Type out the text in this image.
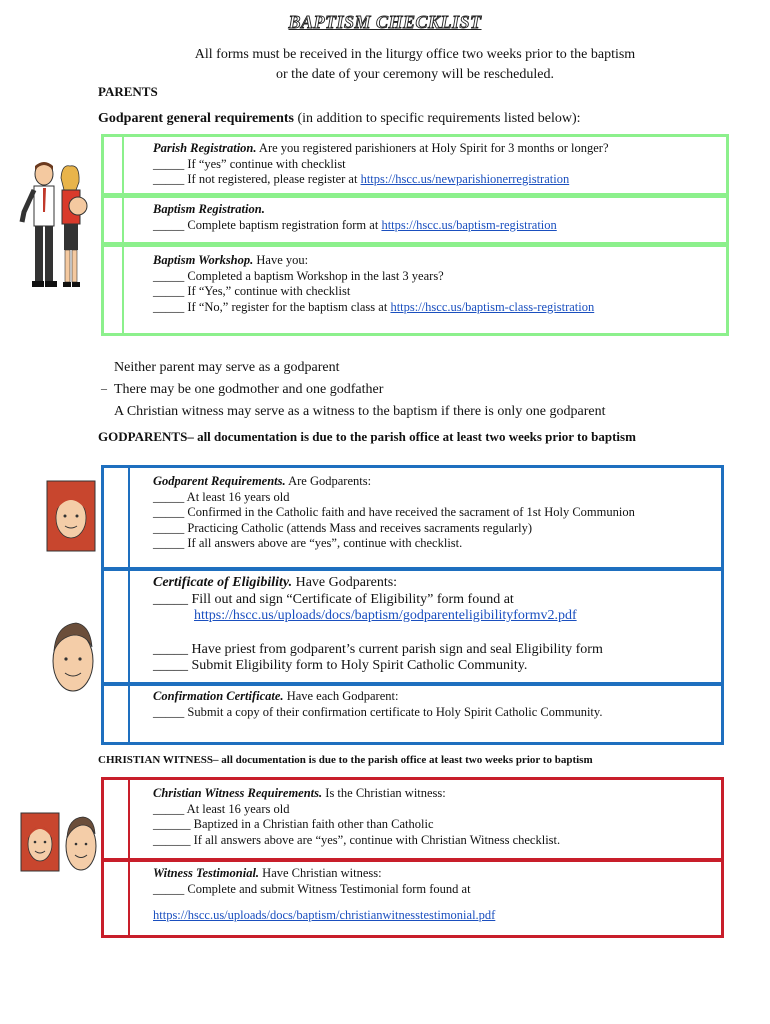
BAPTISM CHECKLIST
All forms must be received in the liturgy office two weeks prior to the baptism
or the date of your ceremony will be rescheduled.
PARENTS
Godparent general requirements (in addition to specific requirements listed below):
Parish Registration. Are you registered parishioners at Holy Spirit for 3 months or longer?
_____ If “yes” continue with checklist
_____ If not registered, please register at https://hscc.us/newparishionerregistration
Baptism Registration.
_____ Complete baptism registration form at https://hscc.us/baptism-registration
Baptism Workshop. Have you:
_____ Completed a baptism Workshop in the last 3 years?
_____ If “Yes,” continue with checklist
_____ If “No,” register for the baptism class at https://hscc.us/baptism-class-registration
Neither parent may serve as a godparent
There may be one godmother and one godfather
A Christian witness may serve as a witness to the baptism if there is only one godparent
–
GODPARENTS– all documentation is due to the parish office at least two weeks prior to baptism
Godparent Requirements. Are Godparents:
_____ At least 16 years old
_____ Confirmed in the Catholic faith and have received the sacrament of 1st Holy Communion
_____ Practicing Catholic (attends Mass and receives sacraments regularly)
_____ If all answers above are “yes”, continue with checklist.
Certificate of Eligibility. Have Godparents:
_____ Fill out and sign “Certificate of Eligibility” form found at
https://hscc.us/uploads/docs/baptism/godparenteligibilityformv2.pdf
_____ Have priest from godparent’s current parish sign and seal Eligibility form
_____ Submit Eligibility form to Holy Spirit Catholic Community.
Confirmation Certificate. Have each Godparent:
_____ Submit a copy of their confirmation certificate to Holy Spirit Catholic Community.
CHRISTIAN WITNESS– all documentation is due to the parish office at least two weeks prior to baptism
Christian Witness Requirements. Is the Christian witness:
_____ At least 16 years old
______ Baptized in a Christian faith other than Catholic
______ If all answers above are “yes”, continue with Christian Witness checklist.
Witness Testimonial. Have Christian witness:
_____ Complete and submit Witness Testimonial form found at
https://hscc.us/uploads/docs/baptism/christianwitnesstestimonial.pdf
